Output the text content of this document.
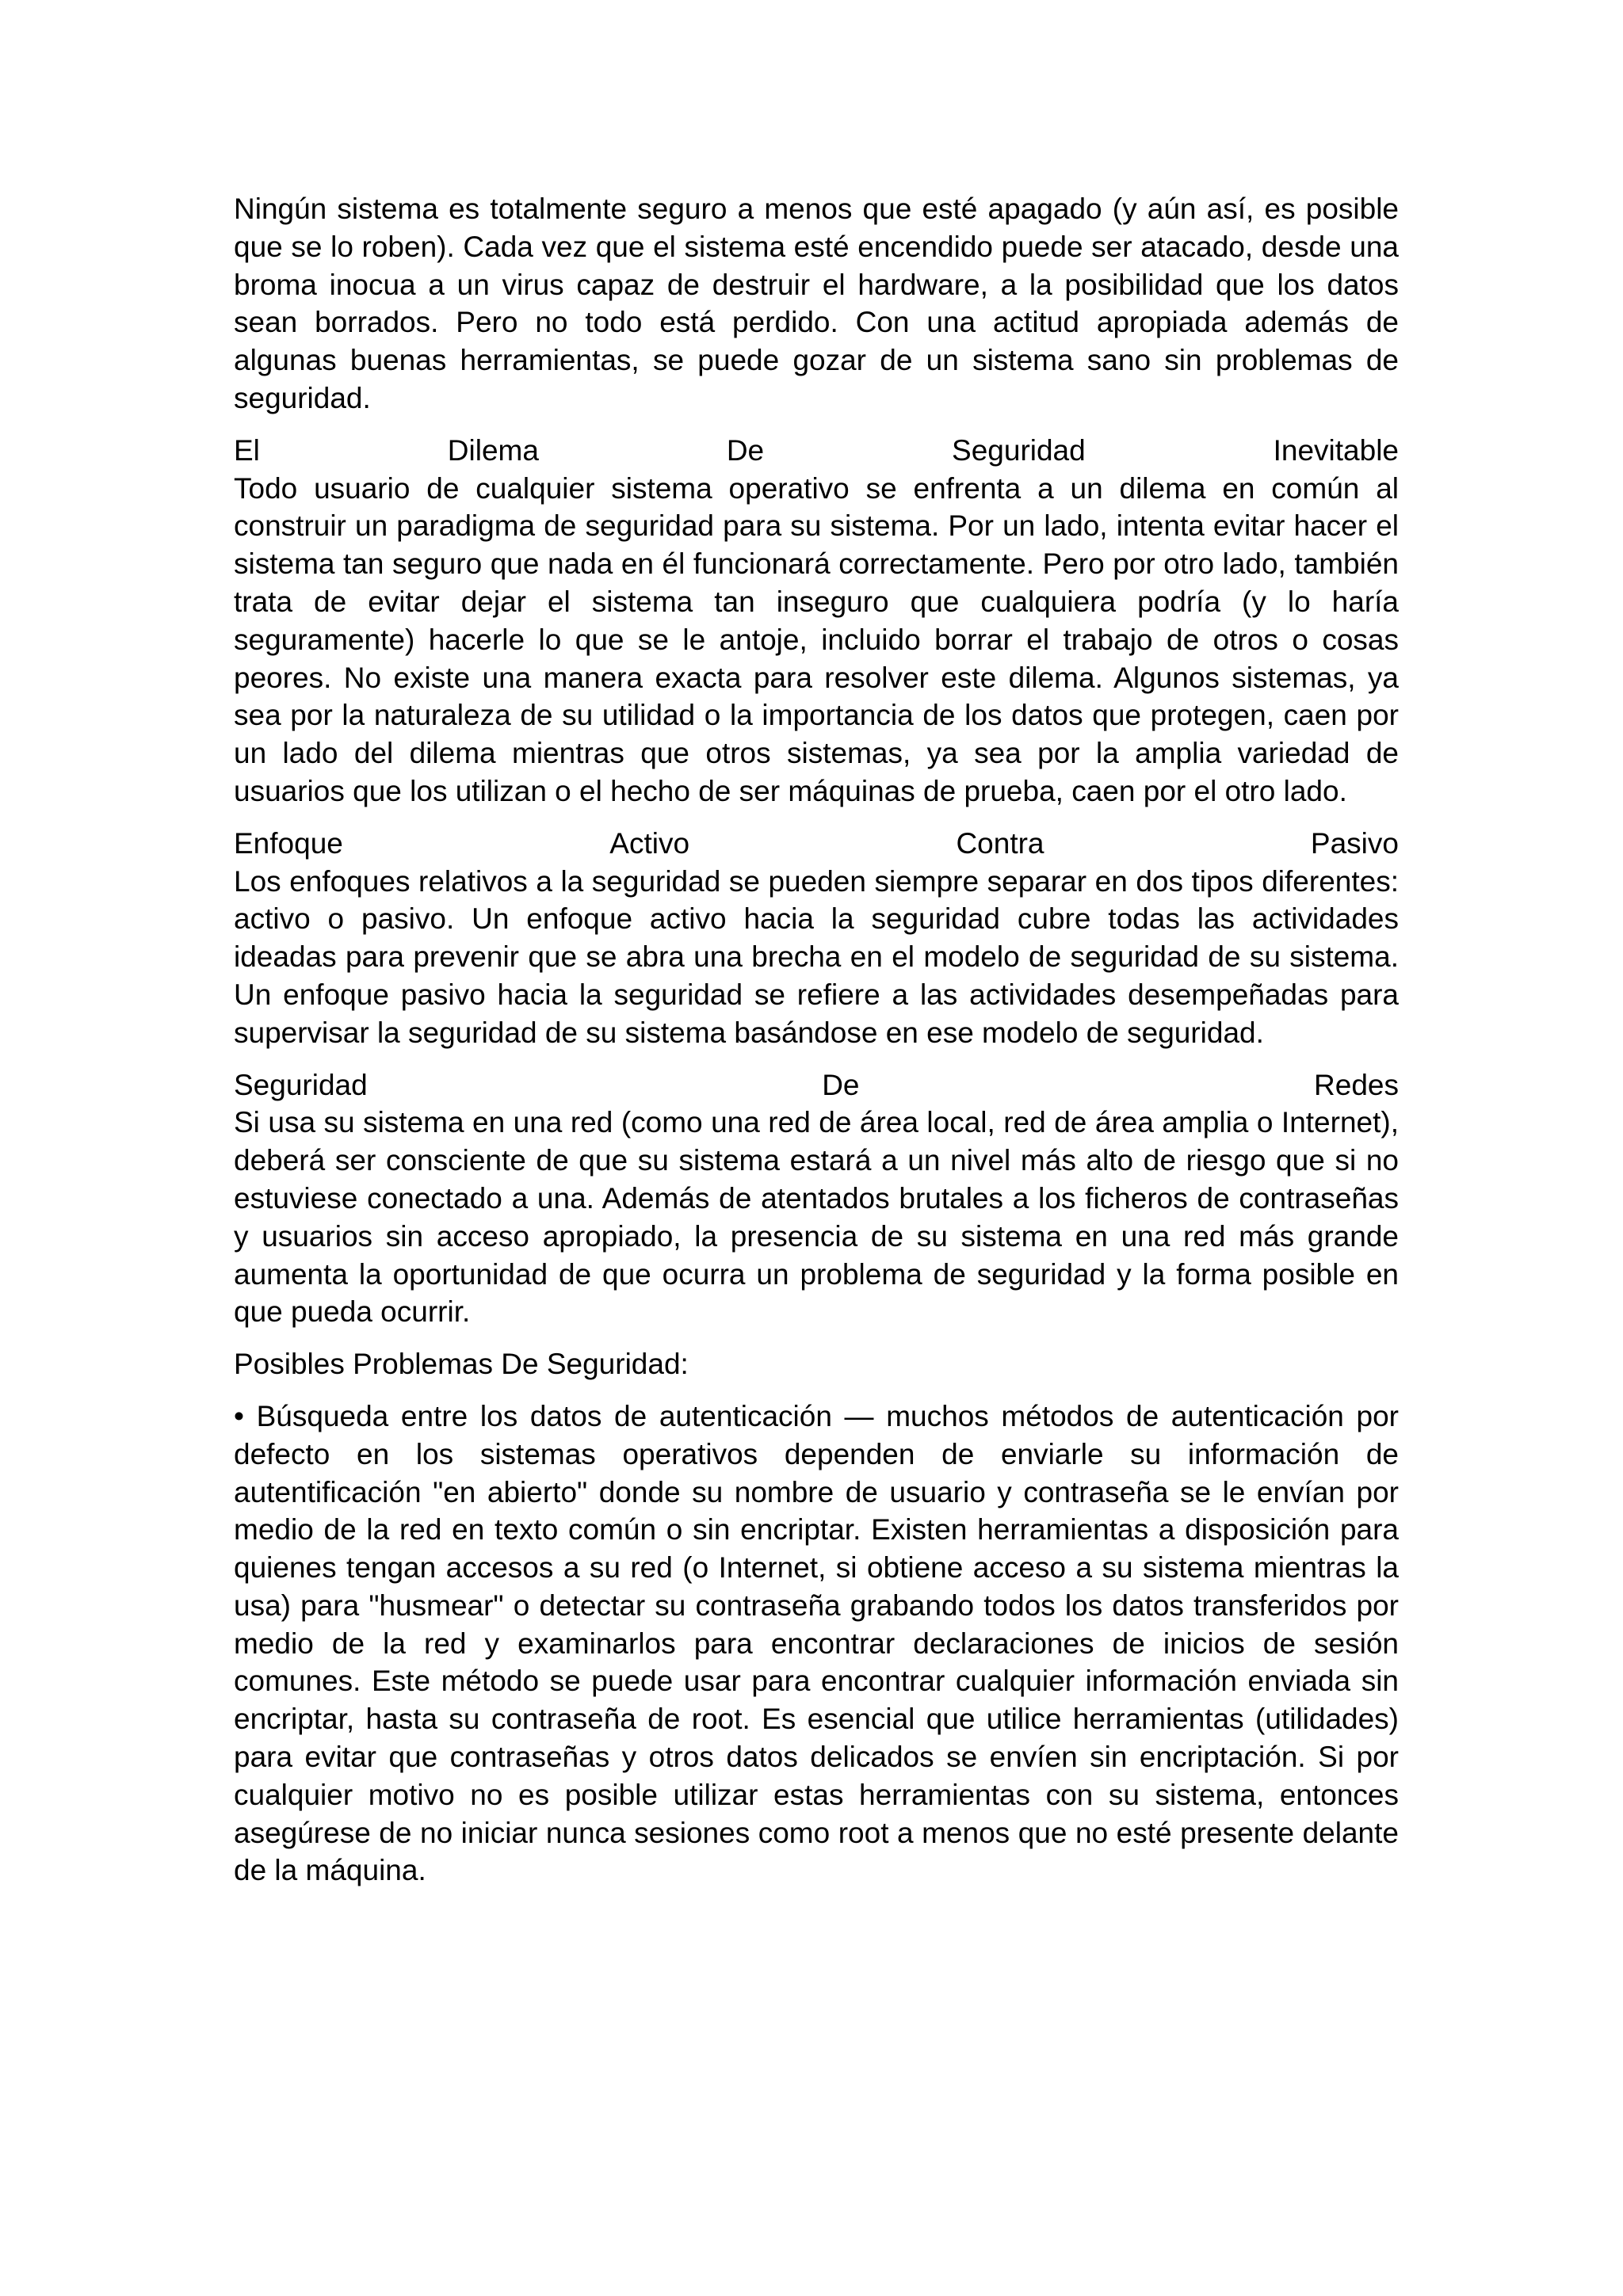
Ningún sistema es totalmente seguro a menos que esté apagado (y aún así, es posible que se lo roben). Cada vez que el sistema esté encendido puede ser atacado, desde una broma inocua a un virus capaz de destruir el hardware, a la posibilidad que los datos sean borrados. Pero no todo está perdido. Con una actitud apropiada además de algunas buenas herramientas, se puede gozar de un sistema sano sin problemas de seguridad.

El	Dilema	De	Seguridad	Inevitable

Todo usuario de cualquier sistema operativo se enfrenta a un dilema en común al construir un paradigma de seguridad para su sistema. Por un lado, intenta evitar hacer el sistema tan seguro que nada en él funcionará correctamente. Pero por otro lado, también trata de evitar dejar el sistema tan inseguro que cualquiera podría (y lo haría seguramente) hacerle lo que se le antoje, incluido borrar el trabajo de otros o cosas peores. No existe una manera exacta para resolver este dilema. Algunos sistemas, ya sea por la naturaleza de su utilidad o la importancia de los datos que protegen, caen por un lado del dilema mientras que otros sistemas, ya sea por la amplia variedad de usuarios que los utilizan o el hecho de ser máquinas de prueba, caen por el otro lado.

Enfoque	Activo	Contra	Pasivo

Los enfoques relativos a la seguridad se pueden siempre separar en dos tipos diferentes: activo o pasivo. Un enfoque activo hacia la seguridad cubre todas las actividades ideadas para prevenir que se abra una brecha en el modelo de seguridad de su sistema. Un enfoque pasivo hacia la seguridad se refiere a las actividades desempeñadas para supervisar la seguridad de su sistema basándose en ese modelo de seguridad.

Seguridad	De	Redes

Si usa su sistema en una red (como una red de área local, red de área amplia o Internet), deberá ser consciente de que su sistema estará a un nivel más alto de riesgo que si no estuviese conectado a una. Además de atentados brutales a los ficheros de contraseñas y usuarios sin acceso apropiado, la presencia de su sistema en una red más grande aumenta la oportunidad de que ocurra un problema de seguridad y la forma posible en que pueda ocurrir.

Posibles Problemas De Seguridad:

• Búsqueda entre los datos de autenticación — muchos métodos de autenticación por defecto en los sistemas operativos dependen de enviarle su información de autentificación "en abierto" donde su nombre de usuario y contraseña se le envían por medio de la red en texto común o sin encriptar. Existen herramientas a disposición para quienes tengan accesos a su red (o Internet, si obtiene acceso a su sistema mientras la usa) para "husmear" o detectar su contraseña grabando todos los datos transferidos por medio de la red y examinarlos para encontrar declaraciones de inicios de sesión comunes. Este método se puede usar para encontrar cualquier información enviada sin encriptar, hasta su contraseña de root. Es esencial que utilice herramientas (utilidades) para evitar que contraseñas y otros datos delicados se envíen sin encriptación. Si por cualquier motivo no es posible utilizar estas herramientas con su sistema, entonces asegúrese de no iniciar nunca sesiones como root a menos que no esté presente delante de la máquina.
